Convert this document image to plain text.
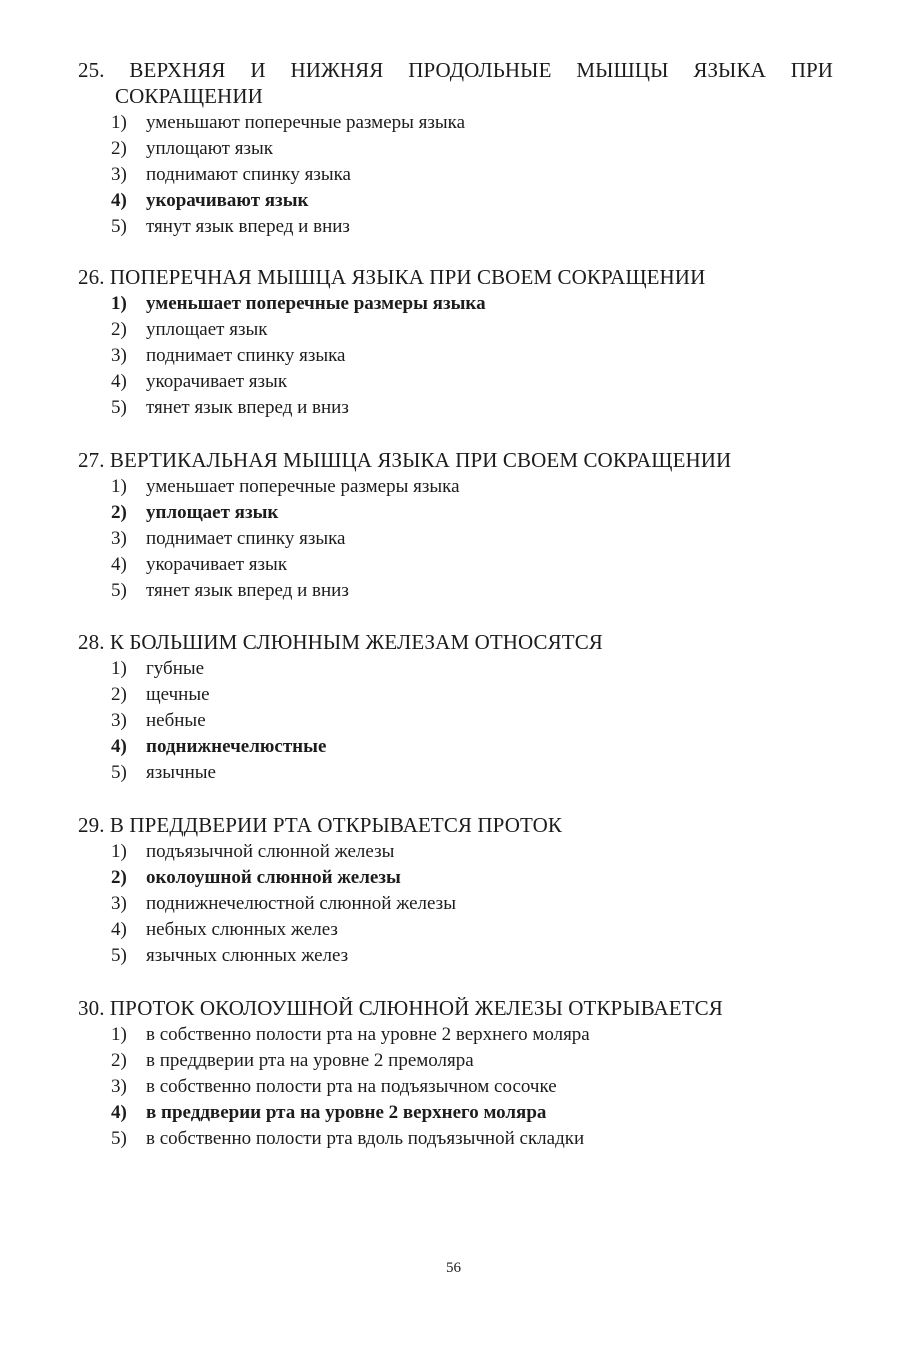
25. ВЕРХНЯЯ И НИЖНЯЯ ПРОДОЛЬНЫЕ МЫШЦЫ ЯЗЫКА ПРИ СОКРАЩЕНИИ
1)	уменьшают поперечные размеры языка
2)	уплощают язык
3)	поднимают спинку языка
4)	укорачивают язык
5)	тянут язык вперед и вниз
26. ПОПЕРЕЧНАЯ МЫШЦА ЯЗЫКА ПРИ СВОЕМ СОКРАЩЕНИИ
1)	уменьшает поперечные размеры языка
2)	уплощает язык
3)	поднимает спинку языка
4)	укорачивает язык
5)	тянет язык вперед и вниз
27. ВЕРТИКАЛЬНАЯ МЫШЦА ЯЗЫКА ПРИ СВОЕМ СОКРАЩЕНИИ
1)	уменьшает поперечные размеры языка
2)	уплощает язык
3)	поднимает спинку языка
4)	укорачивает язык
5)	тянет язык вперед и вниз
28. К БОЛЬШИМ СЛЮННЫМ ЖЕЛЕЗАМ ОТНОСЯТСЯ
1)	губные
2)	щечные
3)	небные
4)	поднижнечелюстные
5)	язычные
29. В ПРЕДДВЕРИИ РТА ОТКРЫВАЕТСЯ ПРОТОК
1)	подъязычной слюнной железы
2)	околоушной слюнной железы
3)	поднижнечелюстной слюнной железы
4)	небных слюнных желез
5)	язычных слюнных желез
30. ПРОТОК ОКОЛОУШНОЙ СЛЮННОЙ ЖЕЛЕЗЫ ОТКРЫВАЕТСЯ
1)	в собственно полости рта на уровне 2 верхнего моляра
2)	в преддверии рта на уровне 2 премоляра
3)	в собственно полости рта на подъязычном сосочке
4)	в преддверии рта на уровне 2 верхнего моляра
5)	в собственно полости рта вдоль подъязычной складки
56
